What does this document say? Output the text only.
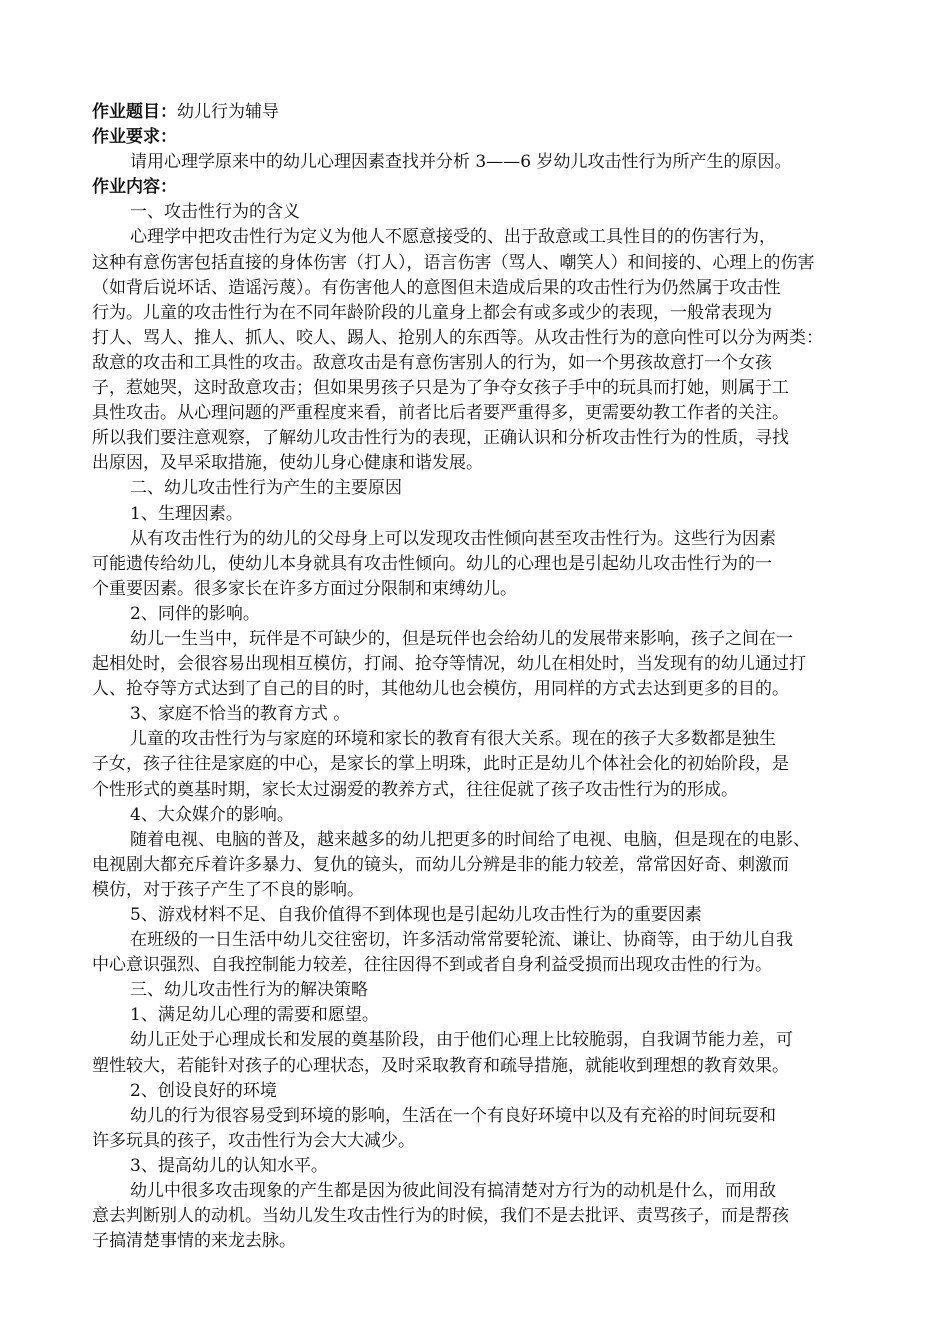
作业题目：幼儿行为辅导
作业要求：
请用心理学原来中的幼儿心理因素查找并分析 3——6 岁幼儿攻击性行为所产生的原因。
作业内容：
一、攻击性行为的含义
心理学中把攻击性行为定义为他人不愿意接受的、出于敌意或工具性目的的伤害行为，
这种有意伤害包括直接的身体伤害（打人），语言伤害（骂人、嘲笑人）和间接的、心理上的伤害
（如背后说坏话、造谣污蔑）。有伤害他人的意图但未造成后果的攻击性行为仍然属于攻击性
行为。儿童的攻击性行为在不同年龄阶段的儿童身上都会有或多或少的表现，一般常表现为
打人、骂人、推人、抓人、咬人、踢人、抢别人的东西等。从攻击性行为的意向性可以分为两类：
敌意的攻击和工具性的攻击。敌意攻击是有意伤害别人的行为，如一个男孩故意打一个女孩
子，惹她哭，这时敌意攻击；但如果男孩子只是为了争夺女孩子手中的玩具而打她，则属于工
具性攻击。从心理问题的严重程度来看，前者比后者要严重得多，更需要幼教工作者的关注。
所以我们要注意观察，了解幼儿攻击性行为的表现，正确认识和分析攻击性行为的性质，寻找
出原因，及早采取措施，使幼儿身心健康和谐发展。
二、幼儿攻击性行为产生的主要原因
1、生理因素。
从有攻击性行为的幼儿的父母身上可以发现攻击性倾向甚至攻击性行为。这些行为因素
可能遗传给幼儿，使幼儿本身就具有攻击性倾向。幼儿的心理也是引起幼儿攻击性行为的一
个重要因素。很多家长在许多方面过分限制和束缚幼儿。
2、同伴的影响。
幼儿一生当中，玩伴是不可缺少的，但是玩伴也会给幼儿的发展带来影响，孩子之间在一
起相处时，会很容易出现相互模仿，打闹、抢夺等情况，幼儿在相处时，当发现有的幼儿通过打
人、抢夺等方式达到了自己的目的时，其他幼儿也会模仿，用同样的方式去达到更多的目的。
3、家庭不恰当的教育方式 。
儿童的攻击性行为与家庭的环境和家长的教育有很大关系。现在的孩子大多数都是独生
子女，孩子往往是家庭的中心，是家长的掌上明珠，此时正是幼儿个体社会化的初始阶段，是
个性形式的奠基时期，家长太过溺爱的教养方式，往往促就了孩子攻击性行为的形成。
4、大众媒介的影响。
随着电视、电脑的普及，越来越多的幼儿把更多的时间给了电视、电脑，但是现在的电影、
电视剧大都充斥着许多暴力、复仇的镜头，而幼儿分辨是非的能力较差，常常因好奇、刺激而
模仿，对于孩子产生了不良的影响。
5、游戏材料不足、自我价值得不到体现也是引起幼儿攻击性行为的重要因素
在班级的一日生活中幼儿交往密切，许多活动常常要轮流、谦让、协商等，由于幼儿自我
中心意识强烈、自我控制能力较差，往往因得不到或者自身利益受损而出现攻击性的行为。
三、幼儿攻击性行为的解决策略
1、满足幼儿心理的需要和愿望。
幼儿正处于心理成长和发展的奠基阶段，由于他们心理上比较脆弱，自我调节能力差，可
塑性较大，若能针对孩子的心理状态，及时采取教育和疏导措施，就能收到理想的教育效果。
2、创设良好的环境
幼儿的行为很容易受到环境的影响，生活在一个有良好环境中以及有充裕的时间玩耍和
许多玩具的孩子，攻击性行为会大大减少。
3、提高幼儿的认知水平。
幼儿中很多攻击现象的产生都是因为彼此间没有搞清楚对方行为的动机是什么，而用敌
意去判断别人的动机。当幼儿发生攻击性行为的时候，我们不是去批评、责骂孩子，而是帮孩
子搞清楚事情的来龙去脉。
